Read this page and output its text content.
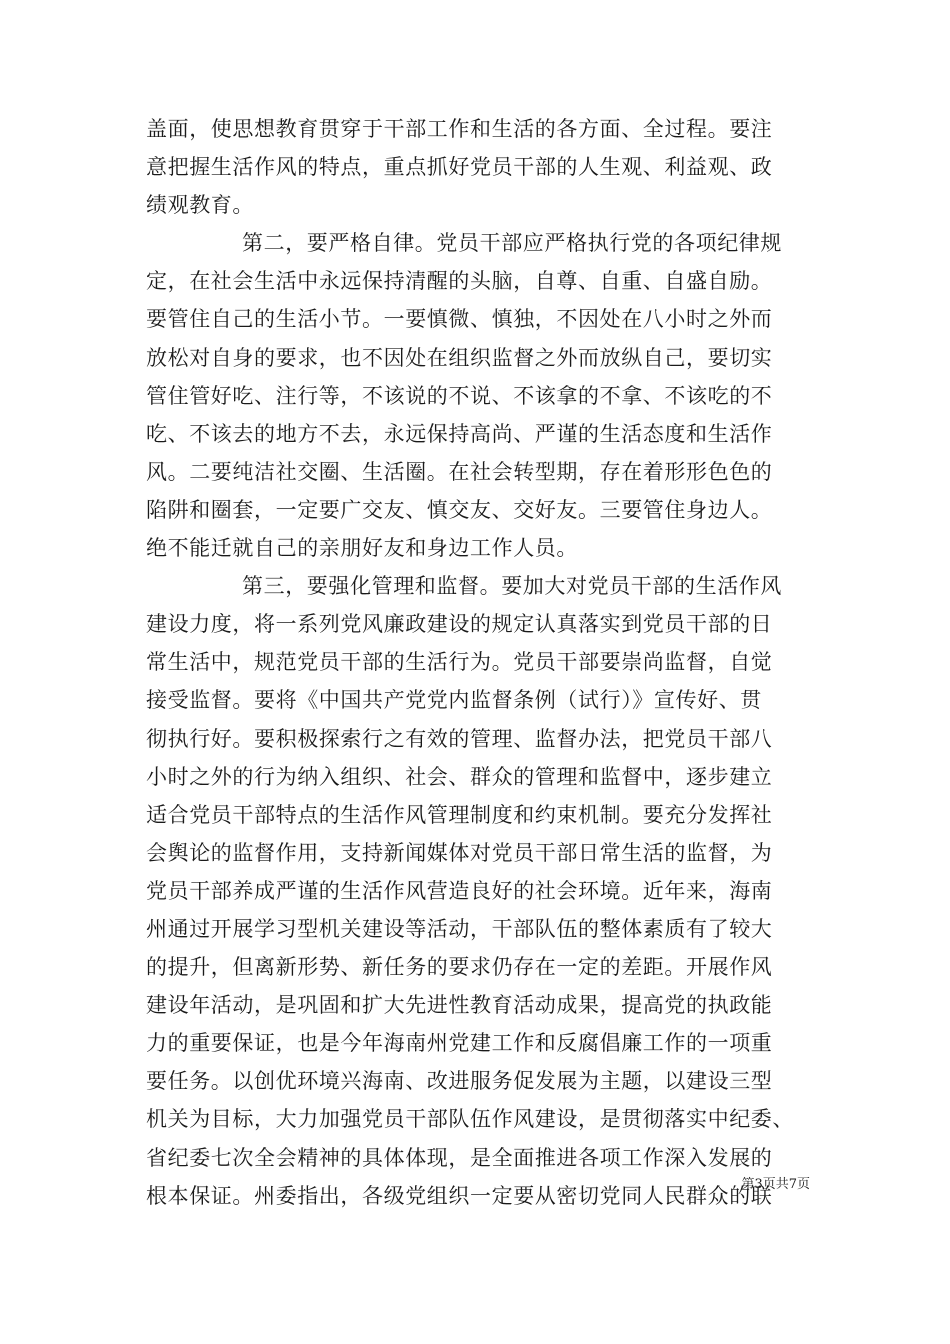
盖面，使思想教育贯穿于干部工作和生活的各方面、全过程。要注
意把握生活作风的特点，重点抓好党员干部的人生观、利益观、政
绩观教育。
第二，要严格自律。党员干部应严格执行党的各项纪律规
定，在社会生活中永远保持清醒的头脑，自尊、自重、自盛自励。
要管住自己的生活小节。一要慎微、慎独，不因处在八小时之外而
放松对自身的要求，也不因处在组织监督之外而放纵自己，要切实
管住管好吃、注行等，不该说的不说、不该拿的不拿、不该吃的不
吃、不该去的地方不去，永远保持高尚、严谨的生活态度和生活作
风。二要纯洁社交圈、生活圈。在社会转型期，存在着形形色色的
陷阱和圈套，一定要广交友、慎交友、交好友。三要管住身边人。
绝不能迁就自己的亲朋好友和身边工作人员。
第三，要强化管理和监督。要加大对党员干部的生活作风
建设力度，将一系列党风廉政建设的规定认真落实到党员干部的日
常生活中，规范党员干部的生活行为。党员干部要崇尚监督，自觉
接受监督。要将《中国共产党党内监督条例（试行）》宣传好、贯
彻执行好。要积极探索行之有效的管理、监督办法，把党员干部八
小时之外的行为纳入组织、社会、群众的管理和监督中，逐步建立
适合党员干部特点的生活作风管理制度和约束机制。要充分发挥社
会舆论的监督作用，支持新闻媒体对党员干部日常生活的监督，为
党员干部养成严谨的生活作风营造良好的社会环境。近年来，海南
州通过开展学习型机关建设等活动，干部队伍的整体素质有了较大
的提升，但离新形势、新任务的要求仍存在一定的差距。开展作风
建设年活动，是巩固和扩大先进性教育活动成果，提高党的执政能
力的重要保证，也是今年海南州党建工作和反腐倡廉工作的一项重
要任务。以创优环境兴海南、改进服务促发展为主题，以建设三型
机关为目标，大力加强党员干部队伍作风建设，是贯彻落实中纪委、
省纪委七次全会精神的具体体现，是全面推进各项工作深入发展的
根本保证。州委指出，各级党组织一定要从密切党同人民群众的联
第3页共7页
